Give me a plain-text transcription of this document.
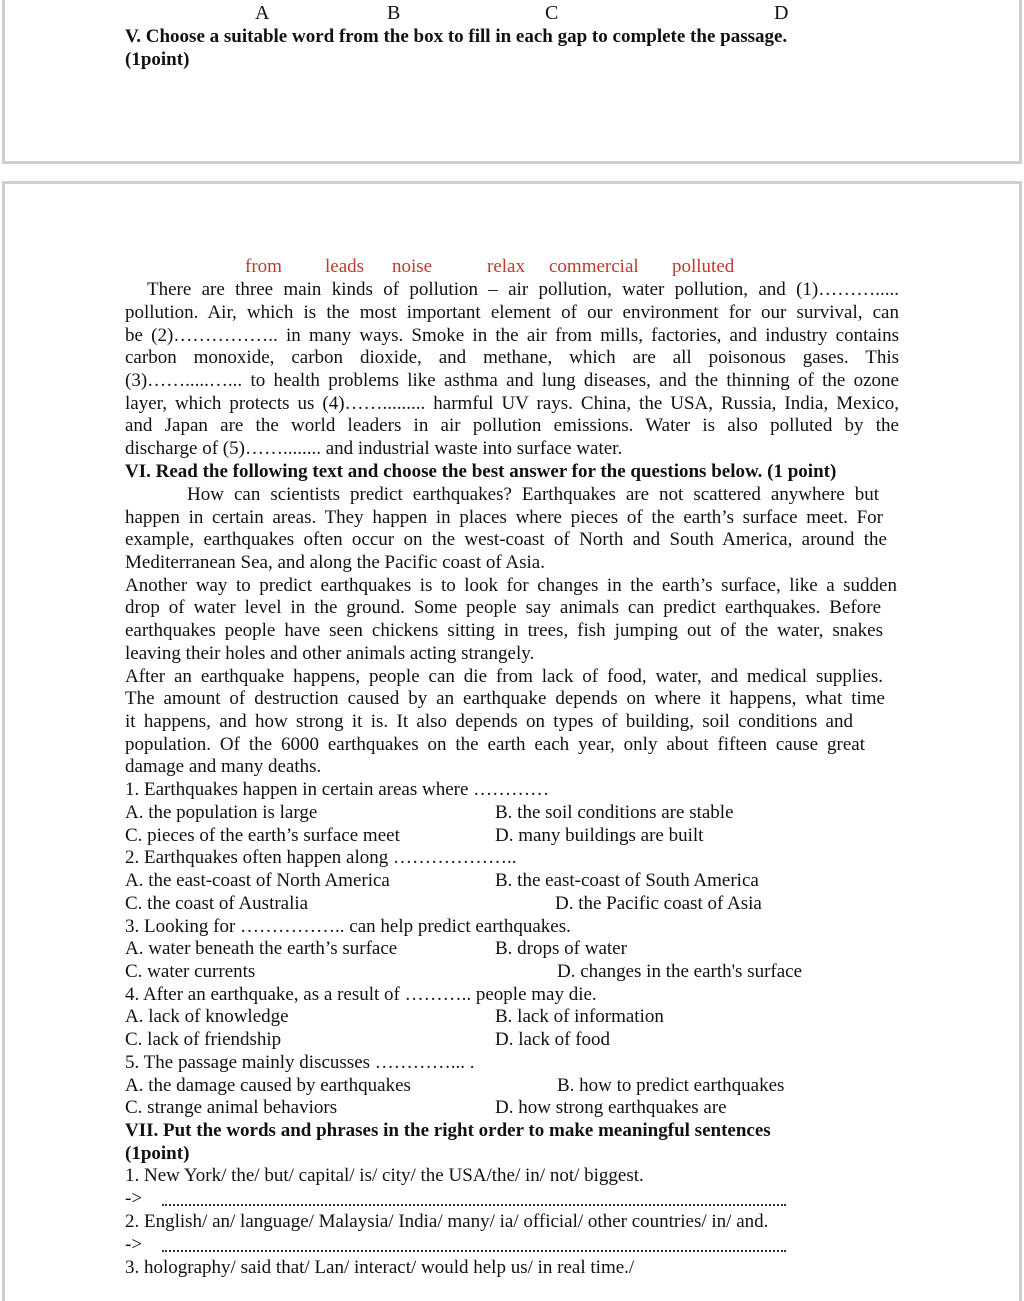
A	B	C	D
V. Choose a suitable word from the box to fill in each gap to complete the passage.
(1point)
from leads noise	relax commercial polluted
There are three main kinds of pollution – air pollution, water pollution, and (1)……….....
pollution. Air, which is the most important element of our environment for our survival, can
be (2)…………….. in many ways. Smoke in the air from mills, factories, and industry contains
carbon monoxide, carbon dioxide, and methane, which are all poisonous gases. This
(3)…….....…... to health problems like asthma and lung diseases, and the thinning of the ozone
layer, which protects us (4)……......... harmful UV rays. China, the USA, Russia, India, Mexico,
and Japan are the world leaders in air pollution emissions. Water is also polluted by the
discharge of (5)……........ and industrial waste into surface water.
VI. Read the following text and choose the best answer for the questions below. (1 point)
How can scientists predict earthquakes? Earthquakes are not scattered anywhere but
happen in certain areas. They happen in places where pieces of the earth’s surface meet. For
example, earthquakes often occur on the west-coast of North and South America, around the
Mediterranean Sea, and along the Pacific coast of Asia.
Another way to predict earthquakes is to look for changes in the earth’s surface, like a sudden
drop of water level in the ground. Some people say animals can predict earthquakes. Before
earthquakes people have seen chickens sitting in trees, fish jumping out of the water, snakes
leaving their holes and other animals acting strangely.
After an earthquake happens, people can die from lack of food, water, and medical supplies.
The amount of destruction caused by an earthquake depends on where it happens, what time
it happens, and how strong it is. It also depends on types of building, soil conditions and
population. Of the 6000 earthquakes on the earth each year, only about fifteen cause great
damage and many deaths.
1. Earthquakes happen in certain areas where …………
A. the population is large	B. the soil conditions are stable
C. pieces of the earth’s surface meet	D. many buildings are built
2. Earthquakes often happen along ………………..
A. the east-coast of North America	B. the east-coast of South America
C. the coast of Australia	D. the Pacific coast of Asia
3. Looking for …………….. can help predict earthquakes.
A. water beneath the earth’s surface	B. drops of water
C. water currents	D. changes in the earth's surface
4. After an earthquake, as a result of ……….. people may die.
A. lack of knowledge	B. lack of information
C. lack of friendship	D. lack of food
5. The passage mainly discusses …………... .
A. the damage caused by earthquakes	B. how to predict earthquakes
C. strange animal behaviors	D. how strong earthquakes are
VII. Put the words and phrases in the right order to make meaningful sentences
(1point)
1. New York/ the/ but/ capital/ is/ city/ the USA/the/ in/ not/ biggest.
->
2. English/ an/ language/ Malaysia/ India/ many/ ia/ official/ other countries/ in/ and.
->
3. holography/ said that/ Lan/ interact/ would help us/ in real time./
